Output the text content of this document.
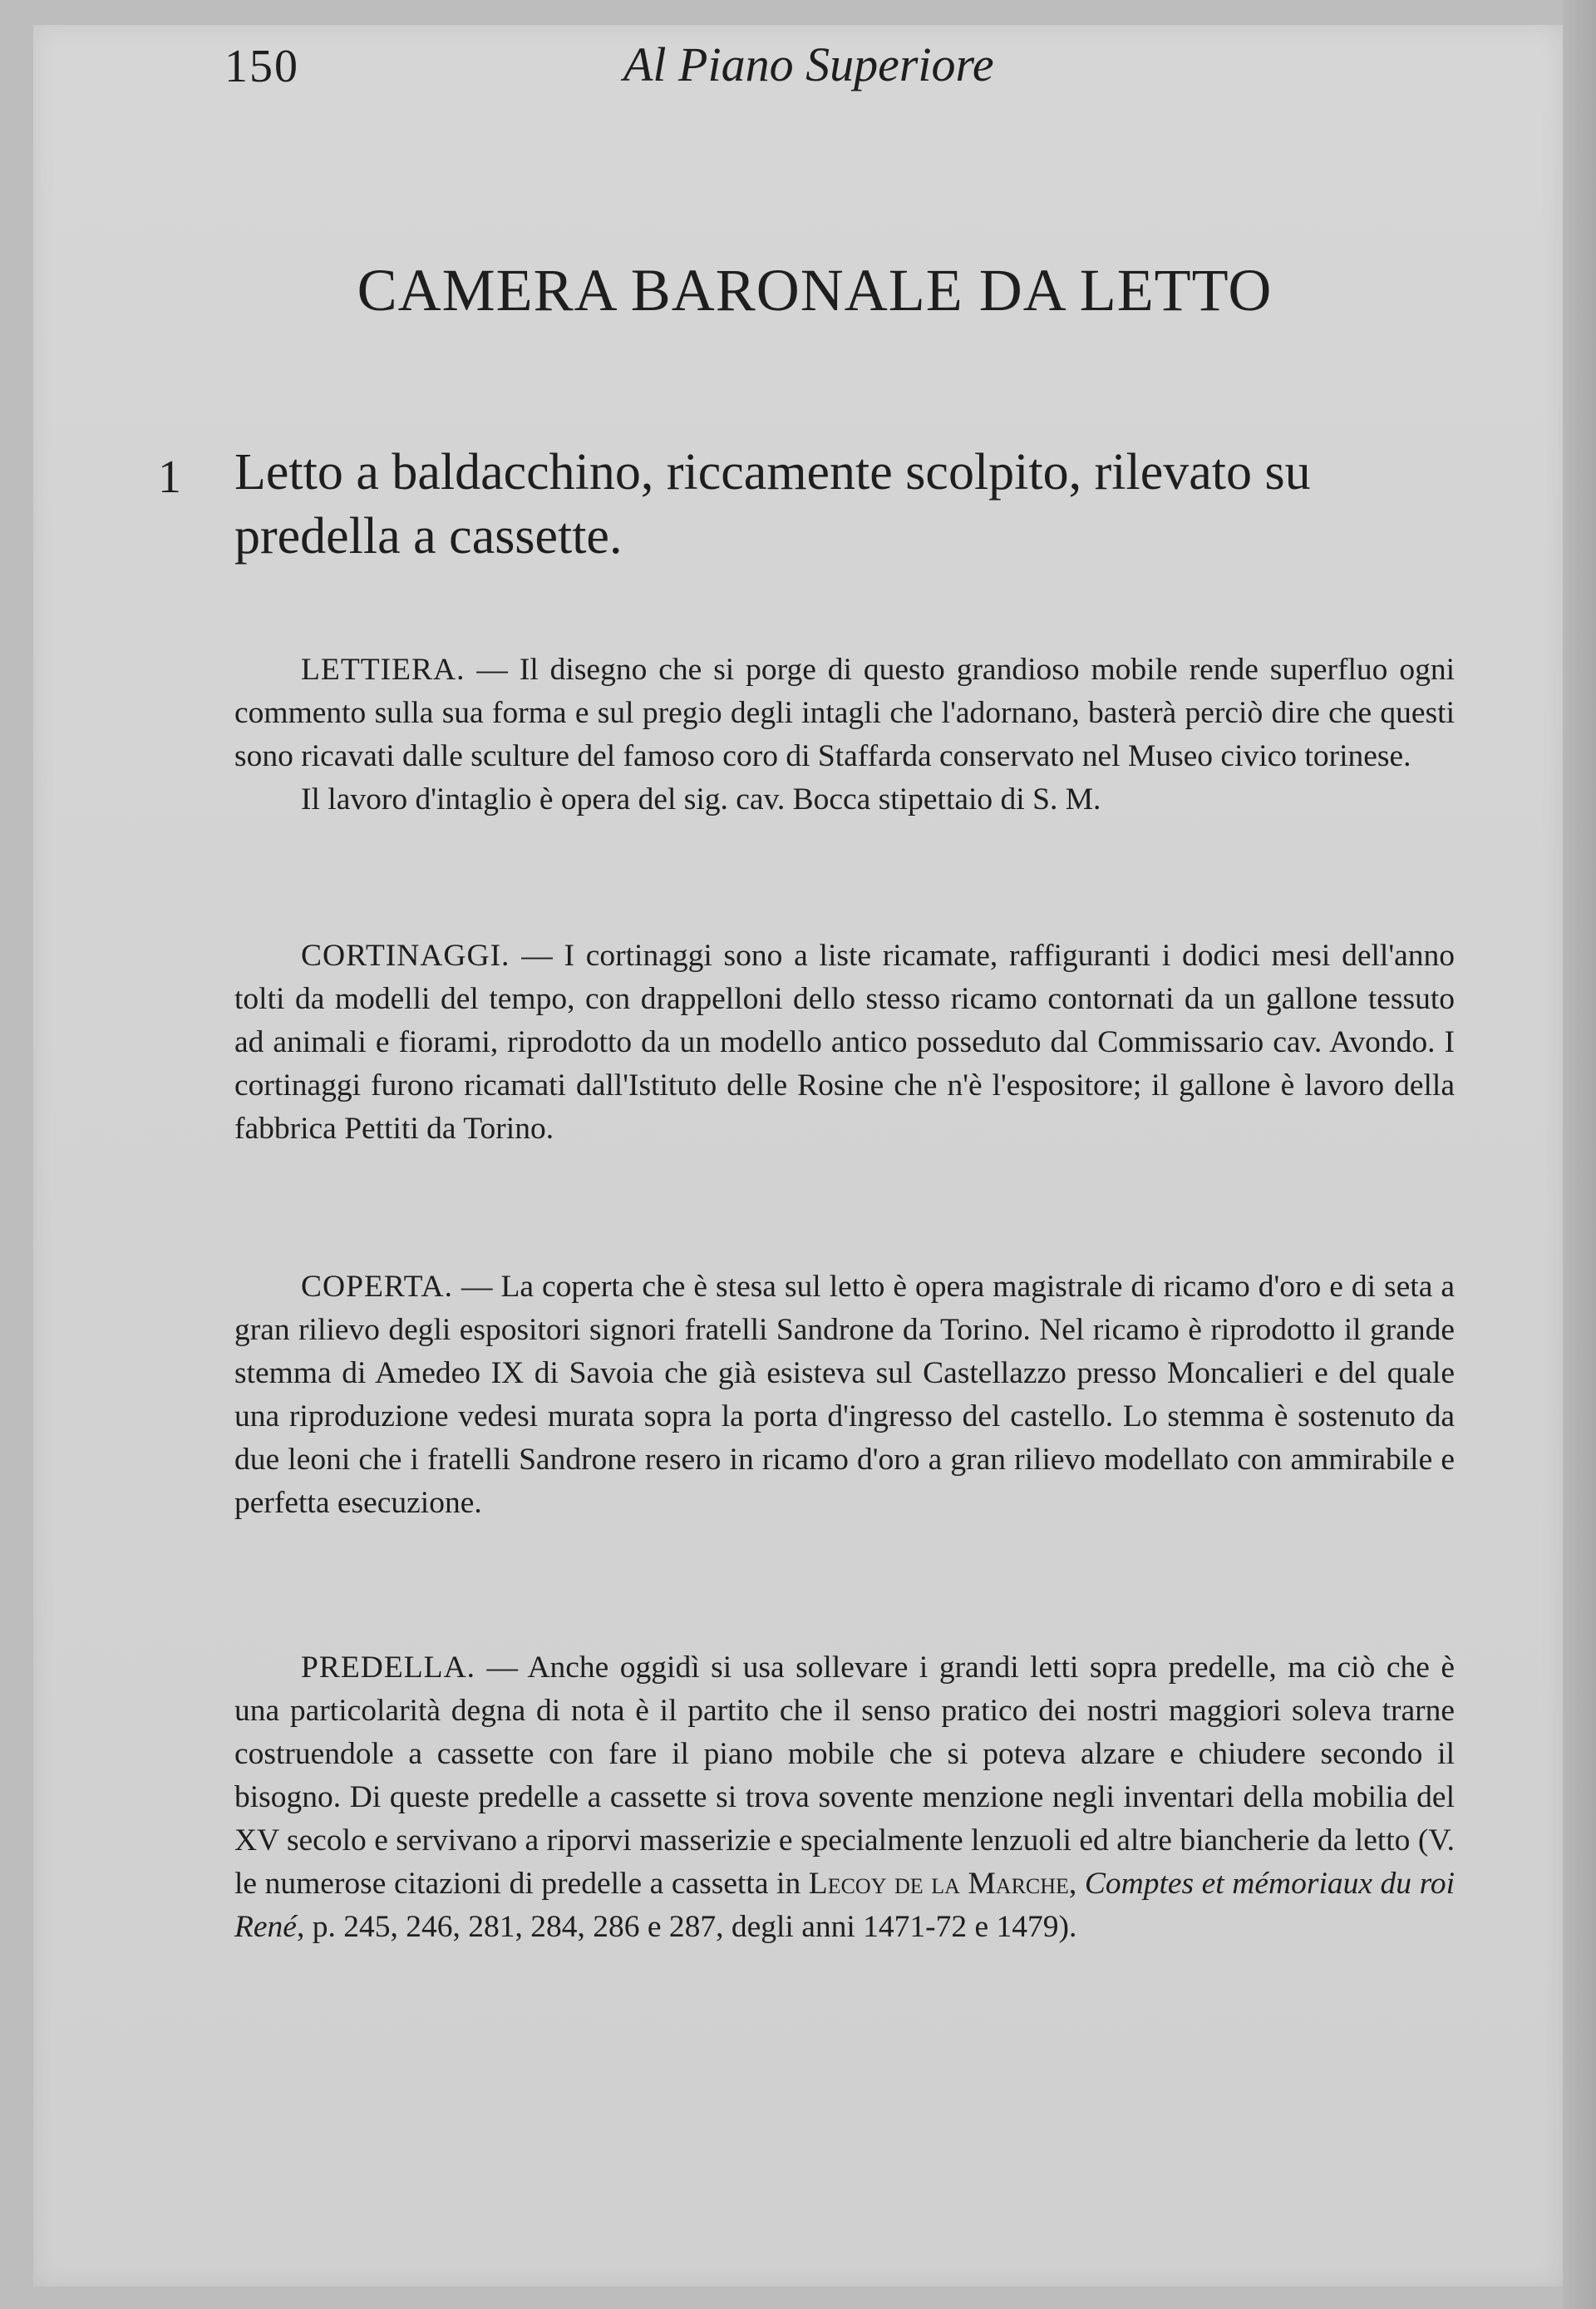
150	Al Piano Superiore
CAMERA BARONALE DA LETTO
1 Letto a baldacchino, riccamente scolpito, rilevato su predella a cassette.

LETTIERA. — Il disegno che si porge di questo grandioso mobile rende superfluo ogni commento sulla sua forma e sul pregio degli intagli che l'adornano, basterà perciò dire che questi sono ricavati dalle sculture del famoso coro di Staffarda conservato nel Museo civico torinese.
Il lavoro d'intaglio è opera del sig. cav. Bocca stipettaio di S. M.

CORTINAGGI. — I cortinaggi sono a liste ricamate, raffiguranti i dodici mesi dell'anno tolti da modelli del tempo, con drappelloni dello stesso ricamo contornati da un gallone tessuto ad animali e fiorami, riprodotto da un modello antico posseduto dal Commissario cav. Avondo. I cortinaggi furono ricamati dall'Istituto delle Rosine che n'è l'espositore; il gallone è lavoro della fabbrica Pettiti da Torino.

COPERTA. — La coperta che è stesa sul letto è opera magistrale di ricamo d'oro e di seta a gran rilievo degli espositori signori fratelli Sandrone da Torino. Nel ricamo è riprodotto il grande stemma di Amedeo IX di Savoia che già esisteva sul Castellazzo presso Moncalieri e del quale una riproduzione vedesi murata sopra la porta d'ingresso del castello. Lo stemma è sostenuto da due leoni che i fratelli Sandrone resero in ricamo d'oro a gran rilievo modellato con ammirabile e perfetta esecuzione.

PREDELLA. — Anche oggidì si usa sollevare i grandi letti sopra predelle, ma ciò che è una particolarità degna di nota è il partito che il senso pratico dei nostri maggiori soleva trarne costruendole a cassette con fare il piano mobile che si poteva alzare e chiudere secondo il bisogno. Di queste predelle a cassette si trova sovente menzione negli inventari della mobilia del XV secolo e servivano a riporvi masserizie e specialmente lenzuoli ed altre biancherie da letto (V. le numerose citazioni di predelle a cassetta in Lecoy de la Marche, Comptes et mémoriaux du roi René, p. 245, 246, 281, 284, 286 e 287, degli anni 1471-72 e 1479).
